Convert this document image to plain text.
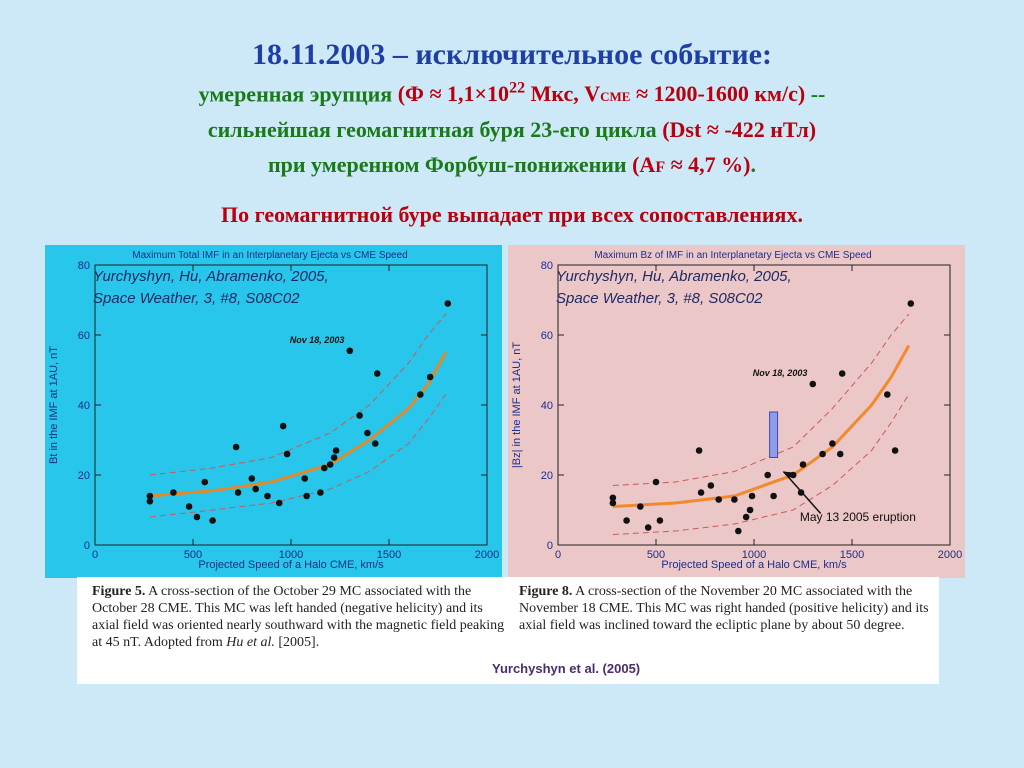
18.11.2003 – исключительное событие:
умеренная эрупция ($Ф \approx 1,1\times 10^{22}$ Мкс, VCME ≈ 1200-1600 км/с) --
сильнейшая геомагнитная буря 23-его цикла (Dst ≈ -422 нТл)
при умеренном Форбуш-понижении (АF ≈ 4,7 %).
По геомагнитной буре выпадает при всех сопоставлениях.
Maximum Total IMF in an Interplanetary Ejecta vs CME Speed
0	500	1000	1500	2000
0
20
40
60
80
Projected Speed of a Halo CME, km/s
Bt in the IMF at 1AU, nT
Yurchyshyn, Hu, Abramenko, 2005,
Space Weather, 3, #8, S08C02
Nov 18, 2003
Maximum Bz of IMF in an Interplanetary Ejecta vs CME Speed
0	500	1000	1500	2000
0
20
40
60
80
Projected Speed of a Halo CME, km/s
|Bz| in the IMF at 1AU, nT
Yurchyshyn, Hu, Abramenko, 2005,
Space Weather, 3, #8, S08C02
Nov 18, 2003
May 13 2005 eruption
Figure 5. A cross-section of the October 29 MC associated with the October 28 CME. This MC was left handed (negative helicity) and its axial field was oriented nearly southward with the magnetic field peaking at 45 nT. Adopted from Hu et al. [2005].
Figure 8. A cross-section of the November 20 MC associated with the November 18 CME. This MC was right handed (positive helicity) and its axial field was inclined toward the ecliptic plane by about 50 degree.
Yurchyshyn et al. (2005)
